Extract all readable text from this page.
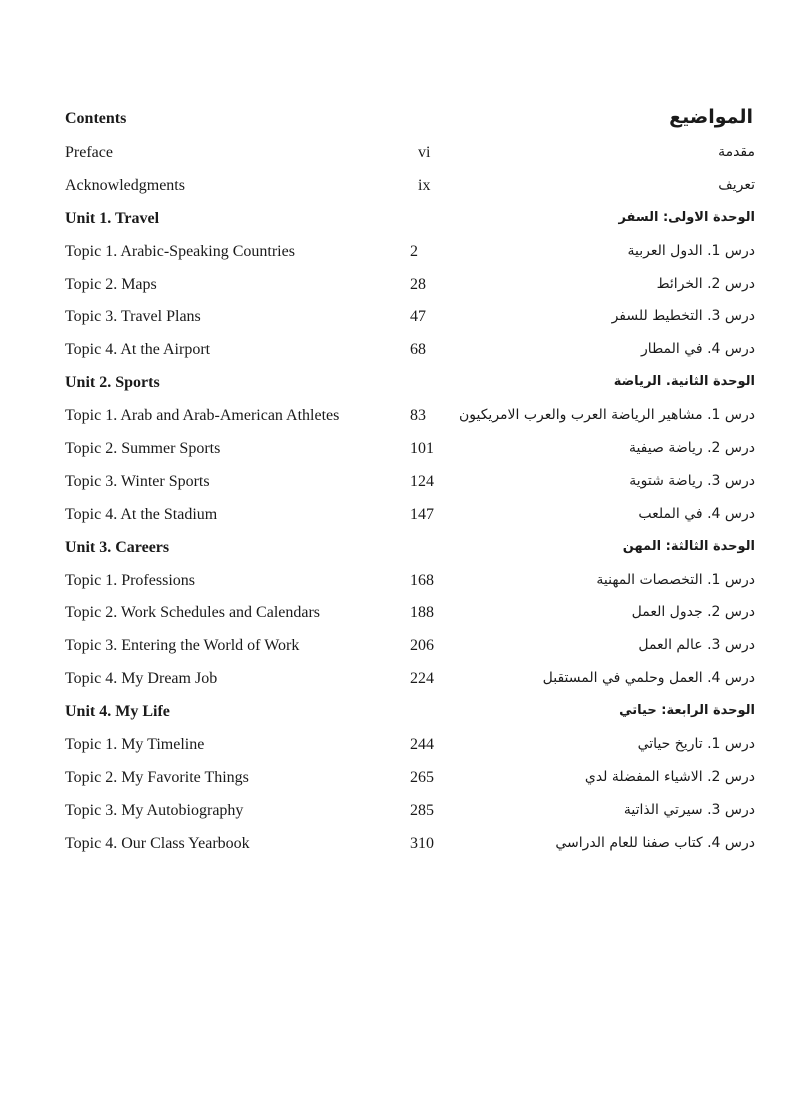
Contents	المواضيع
Preface	vi	مقدمة
Acknowledgments	ix	تعريف
Unit 1. Travel	الوحدة الاولى: السفر
Topic 1. Arabic-Speaking Countries	2	درس 1. الدول العربية
Topic 2. Maps	28	درس 2. الخرائط
Topic 3. Travel Plans	47	درس 3. التخطيط للسفر
Topic 4. At the Airport	68	درس 4. في المطار
Unit 2. Sports	الوحدة الثانية. الرياضة
Topic 1. Arab and Arab-American Athletes	83 درس 1. مشاهير الرياضة العرب والعرب الامريكيون
Topic 2. Summer Sports	101	درس 2. رياضة صيفية
Topic 3. Winter Sports	124	درس 3. رياضة شتوية
Topic 4. At the Stadium	147	درس 4. في الملعب
Unit 3. Careers	الوحدة الثالثة: المهن
Topic 1. Professions	168	درس 1. التخصصات المهنية
Topic 2. Work Schedules and Calendars	188	درس 2. جدول العمل
Topic 3. Entering the World of Work	206	درس 3. عالم العمل
Topic 4. My Dream Job	224	درس 4. العمل وحلمي في المستقبل
Unit 4. My Life	الوحدة الرابعة: حياتي
Topic 1. My Timeline	244	درس 1. تاريخ حياتي
Topic 2. My Favorite Things	265	درس 2. الاشياء المفضلة لدي
Topic 3. My Autobiography	285	درس 3. سيرتي الذاتية
Topic 4. Our Class Yearbook	310	درس 4. كتاب صفنا للعام الدراسي
